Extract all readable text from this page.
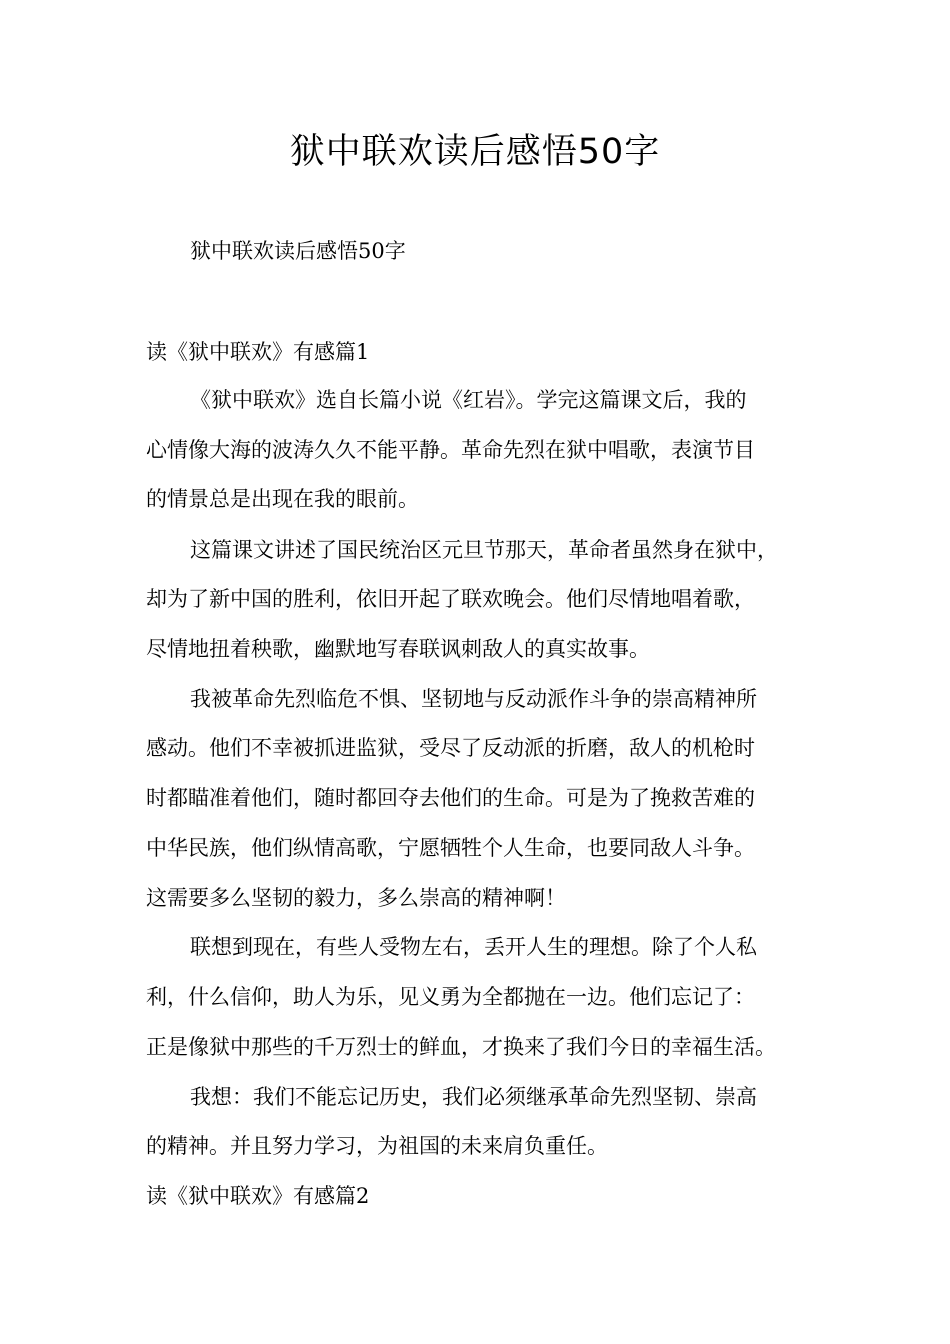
狱中联欢读后感悟50字
狱中联欢读后感悟50字
读《狱中联欢》有感篇1
《狱中联欢》选自长篇小说《红岩》。学完这篇课文后，我的
心情像大海的波涛久久不能平静。革命先烈在狱中唱歌，表演节目
的情景总是出现在我的眼前。
这篇课文讲述了国民统治区元旦节那天，革命者虽然身在狱中，
却为了新中国的胜利，依旧开起了联欢晚会。他们尽情地唱着歌，
尽情地扭着秧歌，幽默地写春联讽刺敌人的真实故事。
我被革命先烈临危不惧、坚韧地与反动派作斗争的崇高精神所
感动。他们不幸被抓进监狱，受尽了反动派的折磨，敌人的机枪时
时都瞄准着他们，随时都回夺去他们的生命。可是为了挽救苦难的
中华民族，他们纵情高歌，宁愿牺牲个人生命，也要同敌人斗争。
这需要多么坚韧的毅力，多么崇高的精神啊！
联想到现在，有些人受物左右，丢开人生的理想。除了个人私
利，什么信仰，助人为乐，见义勇为全都抛在一边。他们忘记了：
正是像狱中那些的千万烈士的鲜血，才换来了我们今日的幸福生活。
我想：我们不能忘记历史，我们必须继承革命先烈坚韧、崇高
的精神。并且努力学习，为祖国的未来肩负重任。
读《狱中联欢》有感篇2
